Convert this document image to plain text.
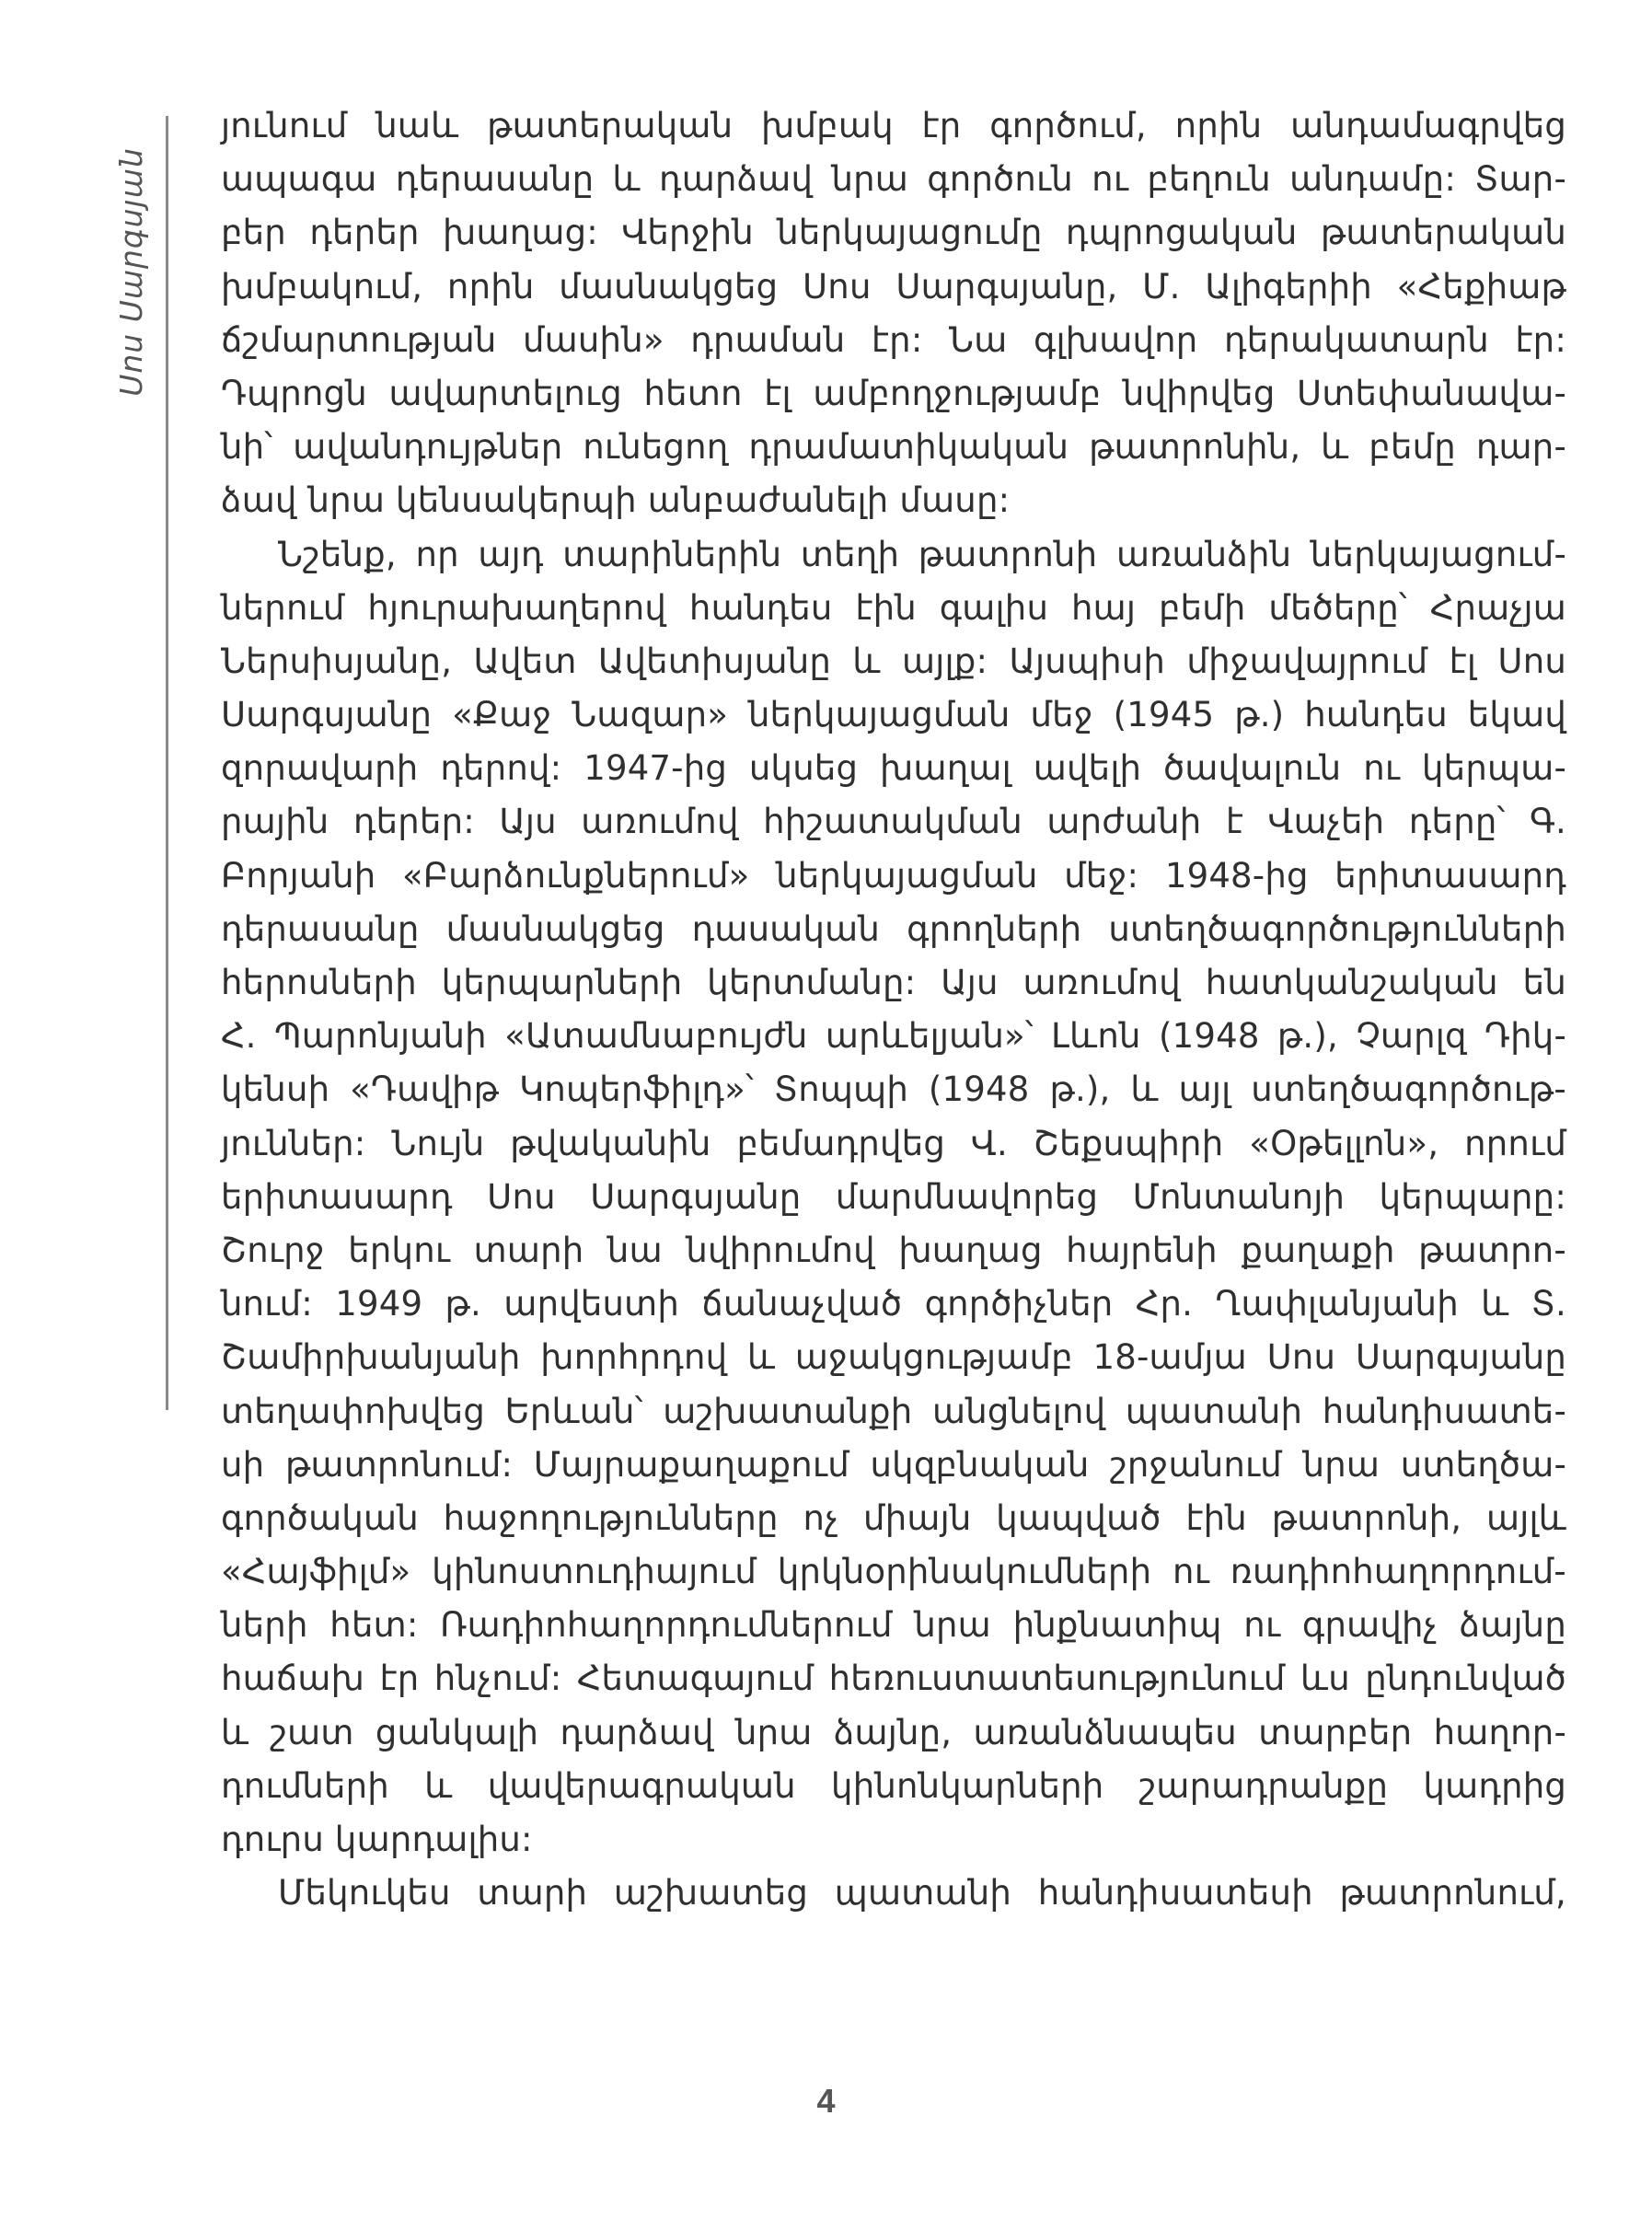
Սոս Սարգսյան
յունում նաև թատերական խմբակ էր գործում, որին անդամագրվեց
ապագա դերասանը և դարձավ նրա գործուն ու բեղուն անդամը: Տար-
բեր դերեր խաղաց: Վերջին ներկայացումը դպրոցական թատերական
խմբակում, որին մասնակցեց Սոս Սարգսյանը, Մ. Ալիգերիի «Հեքիաթ
ճշմարտության մասին» դրաման էր: Նա գլխավոր դերակատարն էր:
Դպրոցն ավարտելուց հետո էլ ամբողջությամբ նվիրվեց Ստեփանավա-
նի՝ ավանդույթներ ունեցող դրամատիկական թատրոնին, և բեմը դար-
ձավ նրա կենսակերպի անբաժանելի մասը:
Նշենք, որ այդ տարիներին տեղի թատրոնի առանձին ներկայացում-
ներում հյուրախաղերով հանդես էին գալիս հայ բեմի մեծերը՝ Հրաչյա
Ներսիսյանը, Ավետ Ավետիսյանը և այլք: Այսպիսի միջավայրում էլ Սոս
Սարգսյանը «Քաջ Նազար» ներկայացման մեջ (1945 թ.) հանդես եկավ
զորավարի դերով: 1947-ից սկսեց խաղալ ավելի ծավալուն ու կերպա-
րային դերեր: Այս առումով հիշատակման արժանի է Վաչեի դերը՝ Գ.
Բորյանի «Բարձունքներում» ներկայացման մեջ: 1948-ից երիտասարդ
դերասանը մասնակցեց դասական գրողների ստեղծագործությունների
հերոսների կերպարների կերտմանը: Այս առումով հատկանշական են
Հ. Պարոնյանի «Ատամնաբույժն արևելյան»՝ Լևոն (1948 թ.), Չարլզ Դիկ-
կենսի «Դավիթ Կոպերֆիլդ»՝ Տոպպի (1948 թ.), և այլ ստեղծագործութ-
յուններ: Նույն թվականին բեմադրվեց Վ. Շեքսպիրի «Օթելլոն», որում
երիտասարդ Սոս Սարգսյանը մարմնավորեց Մոնտանոյի կերպարը:
Շուրջ երկու տարի նա նվիրումով խաղաց հայրենի քաղաքի թատրո-
նում: 1949 թ. արվեստի ճանաչված գործիչներ Հր. Ղափլանյանի և Տ.
Շամիրխանյանի խորհրդով և աջակցությամբ 18-ամյա Սոս Սարգսյանը
տեղափոխվեց Երևան՝ աշխատանքի անցնելով պատանի հանդիսատե-
սի թատրոնում: Մայրաքաղաքում սկզբնական շրջանում նրա ստեղծա-
գործական հաջողությունները ոչ միայն կապված էին թատրոնի, այլև
«Հայֆիլմ» կինոստուդիայում կրկնօրինակումների ու ռադիոհաղորդում-
ների հետ: Ռադիոհաղորդումներում նրա ինքնատիպ ու գրավիչ ձայնը
հաճախ էր հնչում: Հետագայում հեռուստատեսությունում ևս ընդունված
և շատ ցանկալի դարձավ նրա ձայնը, առանձնապես տարբեր հաղոր-
դումների և վավերագրական կինոնկարների շարադրանքը կադրից
դուրս կարդալիս:
Մեկուկես տարի աշխատեց պատանի հանդիսատեսի թատրոնում,
4
